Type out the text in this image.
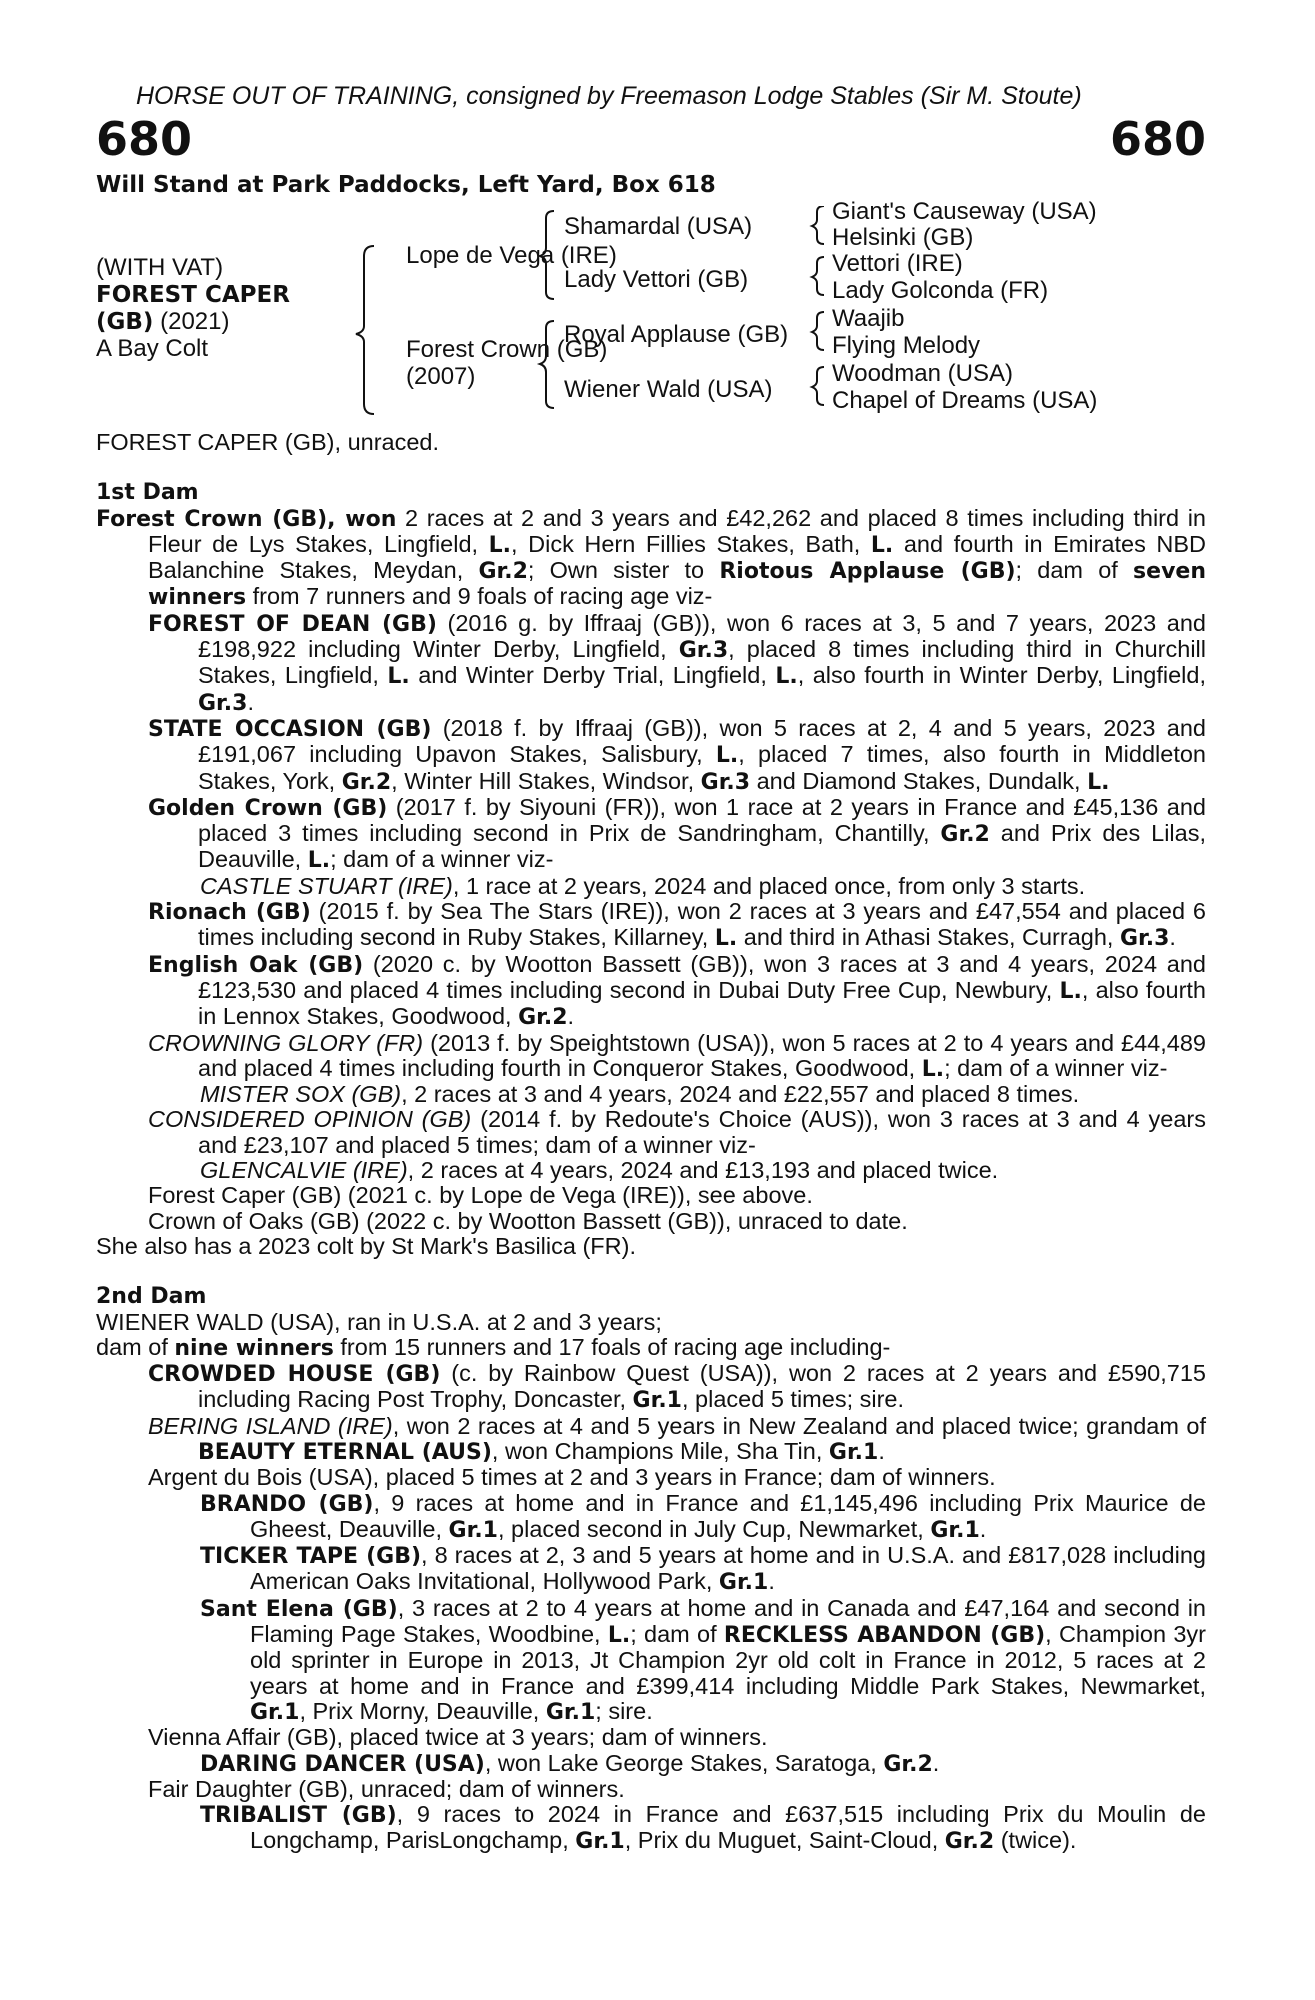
HORSE OUT OF TRAINING, consigned by Freemason Lodge Stables (Sir M. Stoute)
680	680
Will Stand at Park Paddocks, Left Yard, Box 618
(WITH VAT)
FOREST CAPER
(GB) (2021)
A Bay Colt
Lope de Vega (IRE)
Forest Crown (GB)
(2007)
Shamardal (USA)
Lady Vettori (GB)
Royal Applause (GB)
Wiener Wald (USA)
Giant's Causeway (USA)
Helsinki (GB)
Vettori (IRE)
Lady Golconda (FR)
Waajib
Flying Melody
Woodman (USA)
Chapel of Dreams (USA)

FOREST CAPER (GB), unraced.

1st Dam

Forest Crown (GB), won 2 races at 2 and 3 years and £42,262 and placed 8 times including third in Fleur de Lys Stakes, Lingfield, L., Dick Hern Fillies Stakes, Bath, L. and fourth in Emirates NBD Balanchine Stakes, Meydan, Gr.2; Own sister to Riotous Applause (GB); dam of seven winners from 7 runners and 9 foals of racing age viz-

FOREST OF DEAN (GB) (2016 g. by Iffraaj (GB)), won 6 races at 3, 5 and 7 years, 2023 and £198,922 including Winter Derby, Lingfield, Gr.3, placed 8 times including third in Churchill Stakes, Lingfield, L. and Winter Derby Trial, Lingfield, L., also fourth in Winter Derby, Lingfield, Gr.3.

STATE OCCASION (GB) (2018 f. by Iffraaj (GB)), won 5 races at 2, 4 and 5 years, 2023 and £191,067 including Upavon Stakes, Salisbury, L., placed 7 times, also fourth in Middleton Stakes, York, Gr.2, Winter Hill Stakes, Windsor, Gr.3 and Diamond Stakes, Dundalk, L.

Golden Crown (GB) (2017 f. by Siyouni (FR)), won 1 race at 2 years in France and £45,136 and placed 3 times including second in Prix de Sandringham, Chantilly, Gr.2 and Prix des Lilas, Deauville, L.; dam of a winner viz-

CASTLE STUART (IRE), 1 race at 2 years, 2024 and placed once, from only 3 starts.

Rionach (GB) (2015 f. by Sea The Stars (IRE)), won 2 races at 3 years and £47,554 and placed 6 times including second in Ruby Stakes, Killarney, L. and third in Athasi Stakes, Curragh, Gr.3.

English Oak (GB) (2020 c. by Wootton Bassett (GB)), won 3 races at 3 and 4 years, 2024 and £123,530 and placed 4 times including second in Dubai Duty Free Cup, Newbury, L., also fourth in Lennox Stakes, Goodwood, Gr.2.

CROWNING GLORY (FR) (2013 f. by Speightstown (USA)), won 5 races at 2 to 4 years and £44,489 and placed 4 times including fourth in Conqueror Stakes, Goodwood, L.; dam of a winner viz-

MISTER SOX (GB), 2 races at 3 and 4 years, 2024 and £22,557 and placed 8 times.

CONSIDERED OPINION (GB) (2014 f. by Redoute's Choice (AUS)), won 3 races at 3 and 4 years and £23,107 and placed 5 times; dam of a winner viz-

GLENCALVIE (IRE), 2 races at 4 years, 2024 and £13,193 and placed twice.

Forest Caper (GB) (2021 c. by Lope de Vega (IRE)), see above.

Crown of Oaks (GB) (2022 c. by Wootton Bassett (GB)), unraced to date.

She also has a 2023 colt by St Mark's Basilica (FR).

2nd Dam

WIENER WALD (USA), ran in U.S.A. at 2 and 3 years;

dam of nine winners from 15 runners and 17 foals of racing age including-

CROWDED HOUSE (GB) (c. by Rainbow Quest (USA)), won 2 races at 2 years and £590,715 including Racing Post Trophy, Doncaster, Gr.1, placed 5 times; sire.

BERING ISLAND (IRE), won 2 races at 4 and 5 years in New Zealand and placed twice; grandam of BEAUTY ETERNAL (AUS), won Champions Mile, Sha Tin, Gr.1.

Argent du Bois (USA), placed 5 times at 2 and 3 years in France; dam of winners.

BRANDO (GB), 9 races at home and in France and £1,145,496 including Prix Maurice de Gheest, Deauville, Gr.1, placed second in July Cup, Newmarket, Gr.1.

TICKER TAPE (GB), 8 races at 2, 3 and 5 years at home and in U.S.A. and £817,028 including American Oaks Invitational, Hollywood Park, Gr.1.

Sant Elena (GB), 3 races at 2 to 4 years at home and in Canada and £47,164 and second in Flaming Page Stakes, Woodbine, L.; dam of RECKLESS ABANDON (GB), Champion 3yr old sprinter in Europe in 2013, Jt Champion 2yr old colt in France in 2012, 5 races at 2 years at home and in France and £399,414 including Middle Park Stakes, Newmarket, Gr.1, Prix Morny, Deauville, Gr.1; sire.

Vienna Affair (GB), placed twice at 3 years; dam of winners.

DARING DANCER (USA), won Lake George Stakes, Saratoga, Gr.2.

Fair Daughter (GB), unraced; dam of winners.

TRIBALIST (GB), 9 races to 2024 in France and £637,515 including Prix du Moulin de Longchamp, ParisLongchamp, Gr.1, Prix du Muguet, Saint-Cloud, Gr.2 (twice).
